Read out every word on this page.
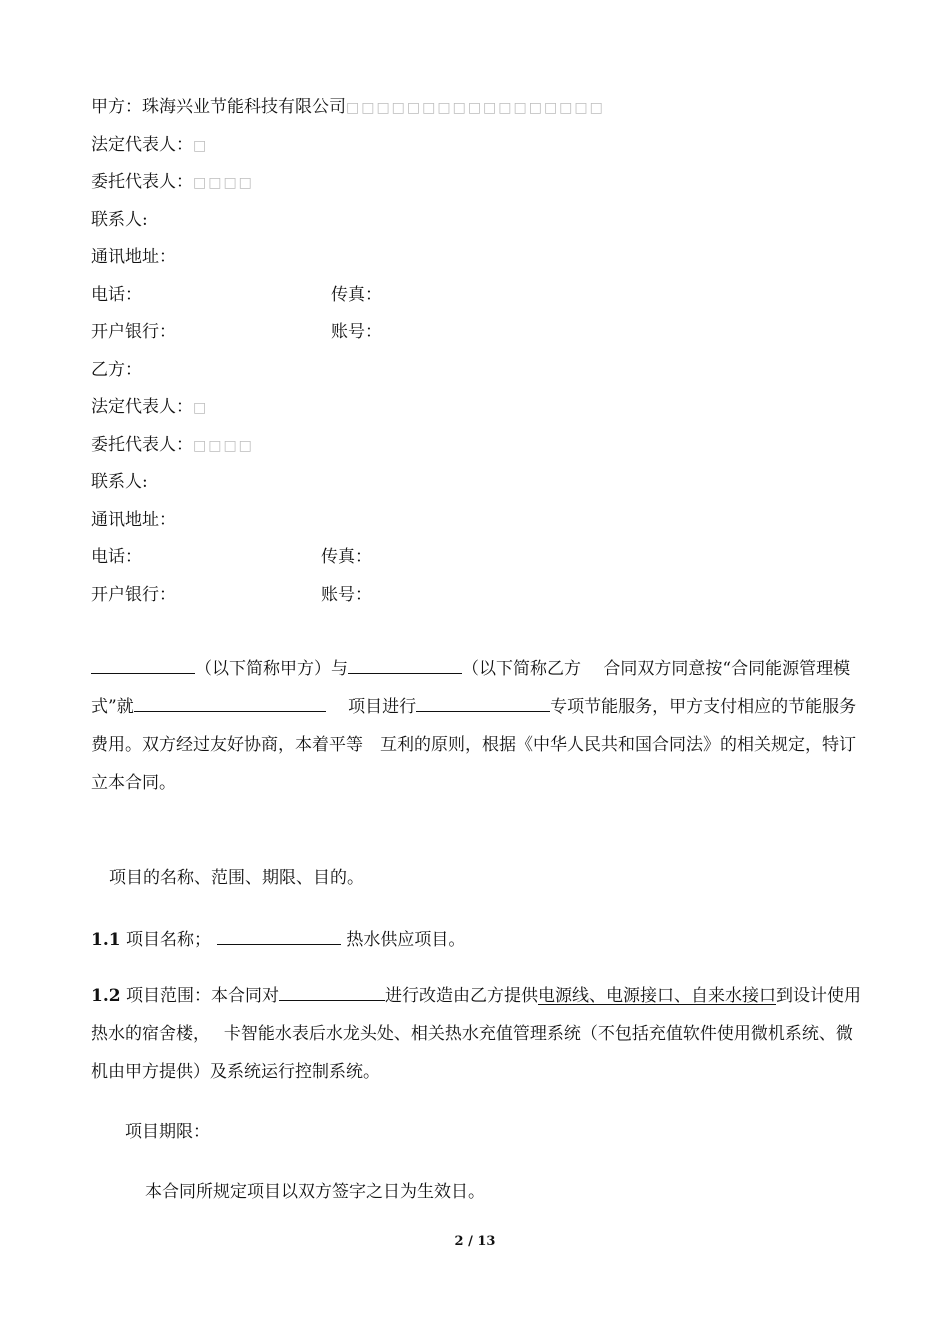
甲方：珠海兴业节能科技有限公司□□□□□□□□□□□□□□□□□
法定代表人：□
委托代表人：□□□□
联系人:
通讯地址：
电话：	传真：
开户银行：	账号：
乙方：
法定代表人：□
委托代表人：□□□□
联系人:
通讯地址：
电话：	传真：
开户银行：	账号：
（以下简称甲方）与	（以下简称乙方　 合同双方同意按“合同能源管理模式”就	　 项目进行	专项节能服务，甲方支付相应的节能服务费用。双方经过友好协商，本着平等　互利的原则，根据《中华人民共和国合同法》的相关规定，特订立本合同。
项目的名称、范围、期限、目的。
1.1 项目名称；	热水供应项目。
1.2 项目范围：本合同对	进行改造由乙方提供电源线、电源接口、自来水接口到设计使用热水的宿舍楼，　 卡智能水表后水龙头处、相关热水充值管理系统（不包括充值软件使用微机系统、微机由甲方提供）及系统运行控制系统。
项目期限：
本合同所规定项目以双方签字之日为生效日。
2 / 13
